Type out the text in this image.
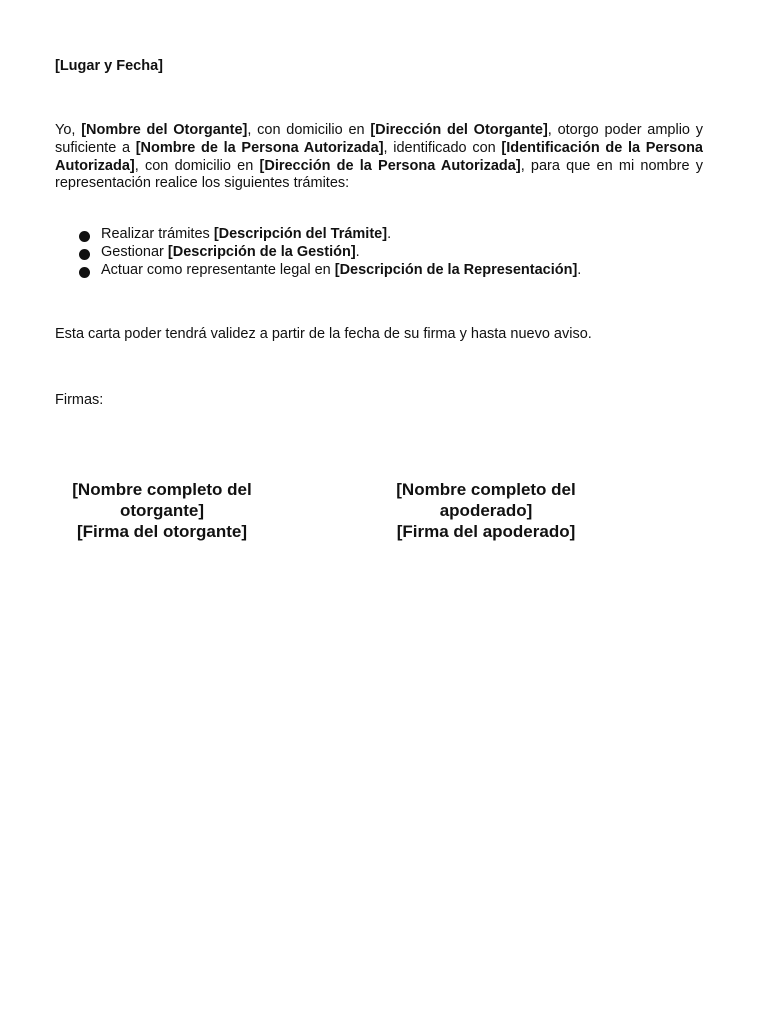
[Lugar y Fecha]

Yo, [Nombre del Otorgante], con domicilio en [Dirección del Otorgante], otorgo poder amplio y suficiente a [Nombre de la Persona Autorizada], identificado con [Identificación de la Persona Autorizada], con domicilio en [Dirección de la Persona Autorizada], para que en mi nombre y representación realice los siguientes trámites:

Realizar trámites [Descripción del Trámite].
Gestionar [Descripción de la Gestión].
Actuar como representante legal en [Descripción de la Representación].

Esta carta poder tendrá validez a partir de la fecha de su firma y hasta nuevo aviso.

Firmas:

[Nombre completo del
otorgante]
[Firma del otorgante]
[Nombre completo del
apoderado]
[Firma del apoderado]
